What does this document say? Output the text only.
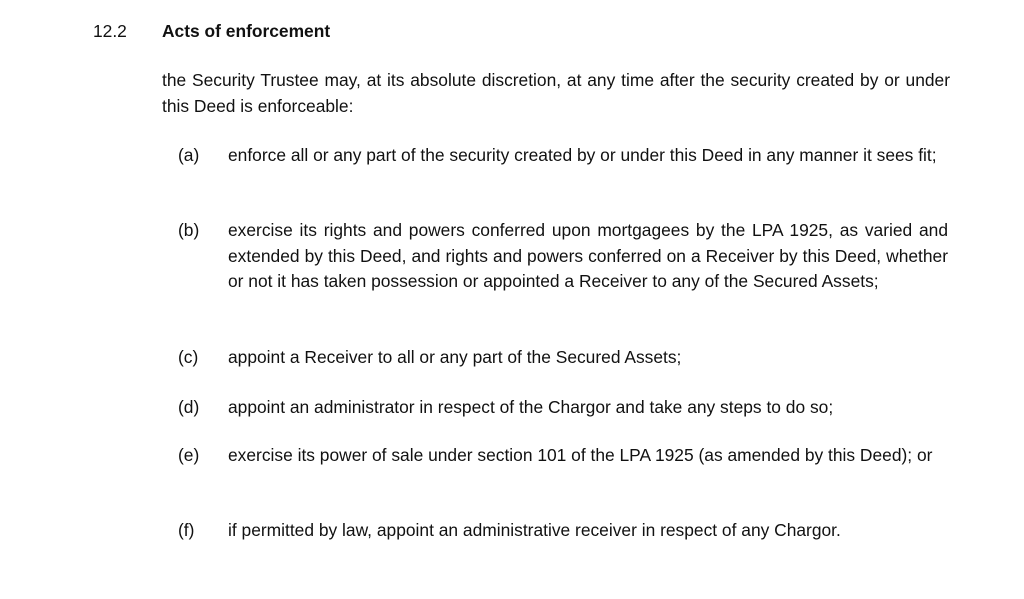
12.2 Acts of enforcement
the Security Trustee may, at its absolute discretion, at any time after the security created by or under this Deed is enforceable:
(a)	enforce all or any part of the security created by or under this Deed in any manner it sees fit;
(b)	exercise its rights and powers conferred upon mortgagees by the LPA 1925, as varied and extended by this Deed, and rights and powers conferred on a Receiver by this Deed, whether or not it has taken possession or appointed a Receiver to any of the Secured Assets;
(c)	appoint a Receiver to all or any part of the Secured Assets;
(d)	appoint an administrator in respect of the Chargor and take any steps to do so;
(e)	exercise its power of sale under section 101 of the LPA 1925 (as amended by this Deed); or
(f)	if permitted by law, appoint an administrative receiver in respect of any Chargor.
